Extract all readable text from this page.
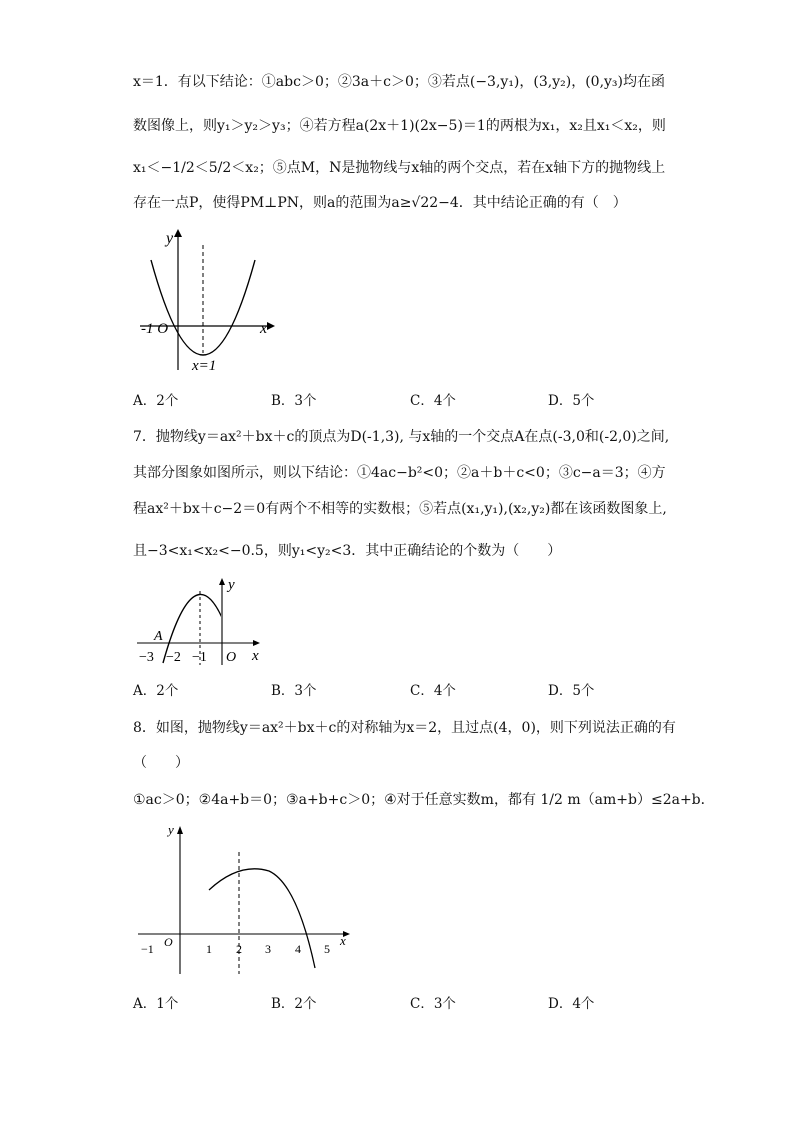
x＝1．有以下结论：①abc＞0；②3a＋c＞0；③若点(−3,y₁)，(3,y₂)，(0,y₃)均在函
数图像上，则y₁＞y₂＞y₃；④若方程a(2x＋1)(2x−5)＝1的两根为x₁，x₂且x₁＜x₂，则
x₁＜−1/2＜5/2＜x₂；⑤点M，N是抛物线与x轴的两个交点，若在x轴下方的抛物线上
存在一点P，使得PM⊥PN，则a的范围为a≥√22−4．其中结论正确的有（　）
y
x
-1 O
x=1
A．2个	B．3个	C．4个	D．5个
7．抛物线y＝ax²＋bx＋c的顶点为D(-1,3), 与x轴的一个交点A在点(-3,0和(-2,0)之间,
其部分图象如图所示，则以下结论：①4ac−b²<0；②a＋b＋c<0；③c−a＝3；④方
程ax²＋bx＋c−2＝0有两个不相等的实数根；⑤若点(x₁,y₁),(x₂,y₂)都在该函数图象上,
且−3<x₁<x₂<−0.5，则y₁<y₂<3．其中正确结论的个数为（　　）
y
x
A
−3 −2 −1 O
A．2个	B．3个	C．4个	D．5个
8．如图，抛物线y＝ax²＋bx＋c的对称轴为x＝2，且过点(4，0)，则下列说法正确的有
（　　）
①ac＞0；②4a+b＝0；③a+b+c＞0；④对于任意实数m，都有 1/2 m（am+b）≤2a+b．
y
x
O
−1	1 2 3 4 5
A．1个	B．2个	C．3个	D．4个
